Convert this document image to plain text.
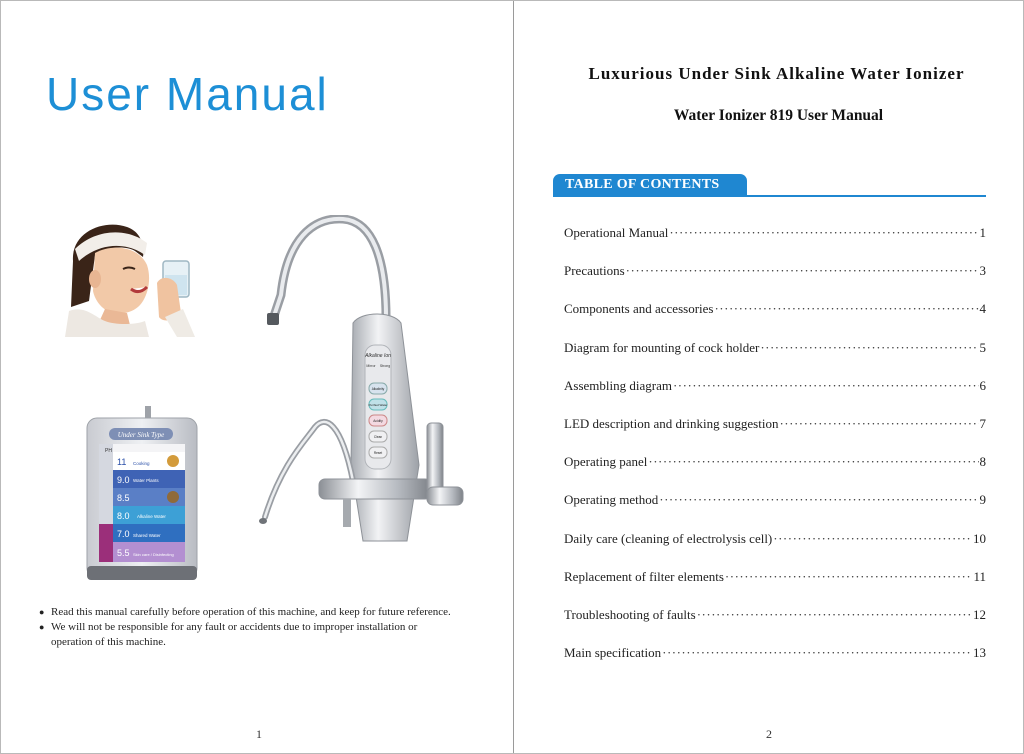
User Manual
Under Sink Type
PH
11 Cooking
9.0 Water Plants
8.5
8.0 Alkaline Water
7.0 Shared Water
5.5 Skin care / Disinfecting
Alkaline Ion
Mirror Strong
Alkalinity
Purified Water
Acidity
Clean
Reset
● Read this manual carefully before operation of this machine, and keep for future reference.
● We will not be responsible for any fault or accidents due to improper installation or operation of this machine.
1
Luxurious Under Sink Alkaline Water Ionizer
Water Ionizer 819 User Manual
TABLE OF CONTENTS
Operational Manual ·····	1
Precautions ·····	3
Components and accessories ·····	4
Diagram for mounting of cock holder ·····	5
Assembling diagram ·····	6
LED description and drinking suggestion ·····	7
Operating panel ·····	8
Operating method ·····	9
Daily care (cleaning of electrolysis cell) ·····	10
Replacement of filter elements ·····	11
Troubleshooting of faults ·····	12
Main specification ·····	13
2
